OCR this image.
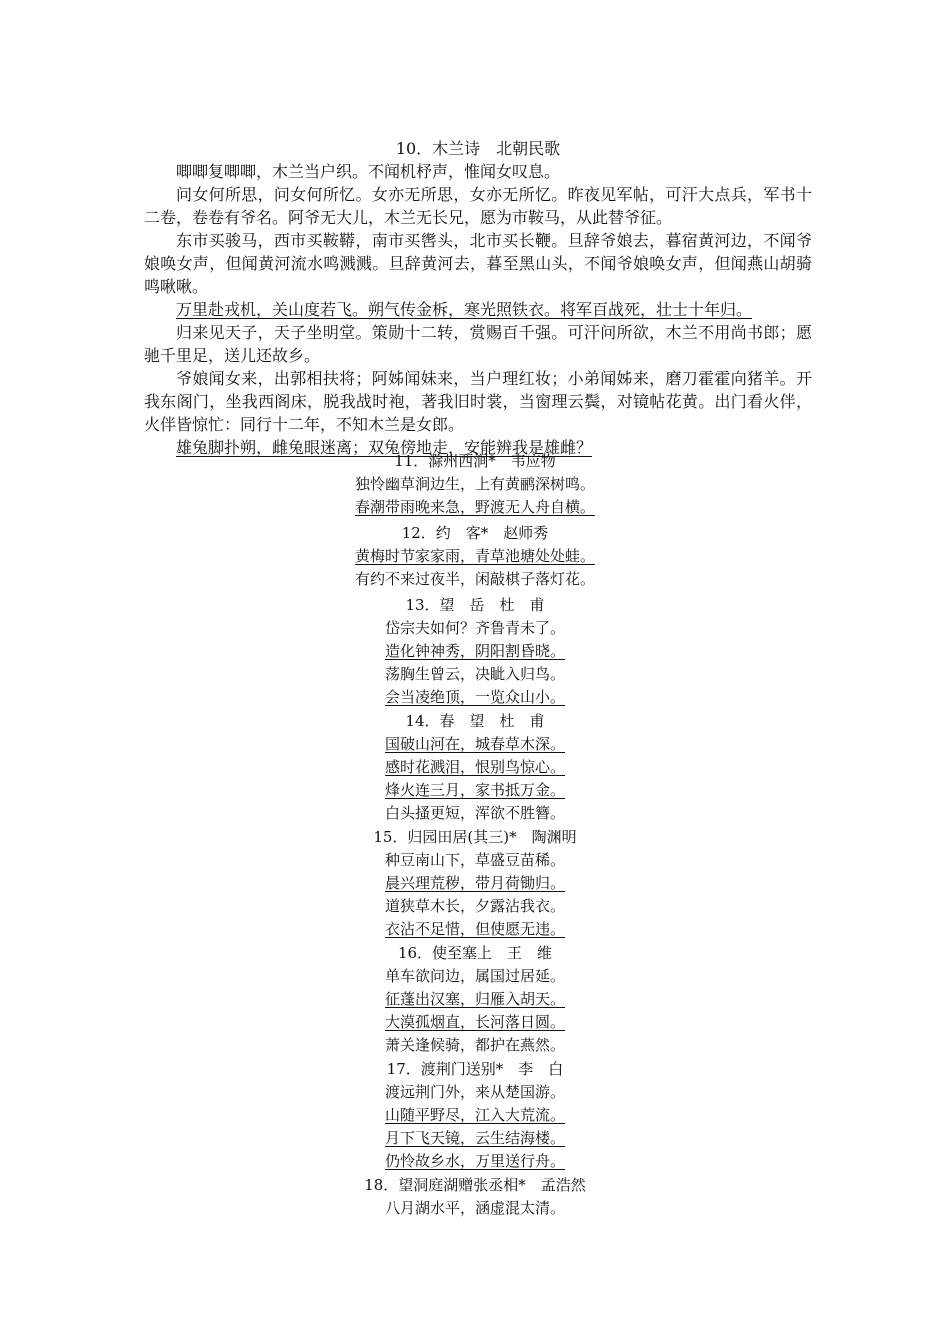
10．木兰诗　北朝民歌

唧唧复唧唧，木兰当户织。不闻机杼声，惟闻女叹息。

问女何所思，问女何所忆。女亦无所思，女亦无所忆。昨夜见军帖，可汗大点兵，军书十二卷，卷卷有爷名。阿爷无大儿，木兰无长兄，愿为市鞍马，从此替爷征。

东市买骏马，西市买鞍鞯，南市买辔头，北市买长鞭。旦辞爷娘去，暮宿黄河边，不闻爷娘唤女声，但闻黄河流水鸣溅溅。旦辞黄河去，暮至黑山头，不闻爷娘唤女声，但闻燕山胡骑鸣啾啾。

万里赴戎机，关山度若飞。朔气传金柝，寒光照铁衣。将军百战死，壮士十年归。

归来见天子，天子坐明堂。策勋十二转，赏赐百千强。可汗问所欲，木兰不用尚书郎；愿驰千里足，送儿还故乡。

爷娘闻女来，出郭相扶将；阿姊闻妹来，当户理红妆；小弟闻姊来，磨刀霍霍向猪羊。开我东阁门，坐我西阁床，脱我战时袍，著我旧时裳，当窗理云鬓，对镜帖花黄。出门看火伴，火伴皆惊忙：同行十二年，不知木兰是女郎。

雄兔脚扑朔，雌兔眼迷离；双兔傍地走，安能辨我是雄雌？

11．滁州西涧*　韦应物
独怜幽草涧边生，上有黄鹂深树鸣。
春潮带雨晚来急，野渡无人舟自横。
12．约　客*　赵师秀
黄梅时节家家雨，青草池塘处处蛙。
有约不来过夜半，闲敲棋子落灯花。
13．望　岳　杜　甫
岱宗夫如何？齐鲁青未了。
造化钟神秀，阴阳割昏晓。
荡胸生曾云，决眦入归鸟。
会当凌绝顶，一览众山小。
14．春　望　杜　甫
国破山河在，城春草木深。
感时花溅泪，恨别鸟惊心。
烽火连三月，家书抵万金。
白头搔更短，浑欲不胜簪。
15．归园田居(其三)*　陶渊明
种豆南山下，草盛豆苗稀。
晨兴理荒秽，带月荷锄归。
道狭草木长，夕露沾我衣。
衣沾不足惜，但使愿无违。
16．使至塞上　王　维
单车欲问边，属国过居延。
征蓬出汉塞，归雁入胡天。
大漠孤烟直，长河落日圆。
萧关逢候骑，都护在燕然。
17．渡荆门送别*　李　白
渡远荆门外，来从楚国游。
山随平野尽，江入大荒流。
月下飞天镜，云生结海楼。
仍怜故乡水，万里送行舟。
18．望洞庭湖赠张丞相*　孟浩然
八月湖水平，涵虚混太清。
